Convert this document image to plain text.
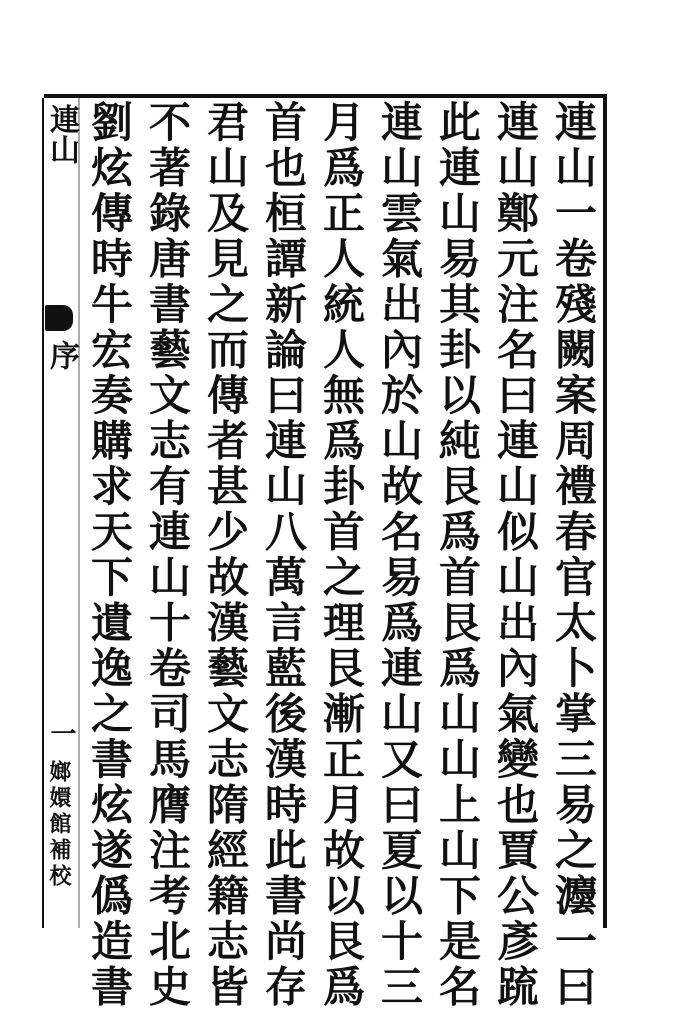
連山一卷殘闕案周禮春官太卜掌三易之灋一曰
連山鄭元注名曰連山似山出內氣變也賈公彥䟽
此連山易其卦以純艮爲首艮爲山山上山下是名
連山雲氣出內於山故名易爲連山又曰夏以十三
月爲正人統人無爲卦首之理艮漸正月故以艮爲
首也桓譚新論曰連山八萬言藍後漢時此書尚存
君山及見之而傳者甚少故漢藝文志隋經籍志皆
不著錄唐書藝文志有連山十卷司馬膺注考北史
劉炫傳時牛宏奏購求天下遺逸之書炫遂僞造書
連山
序
一
嫏嬛館補校
